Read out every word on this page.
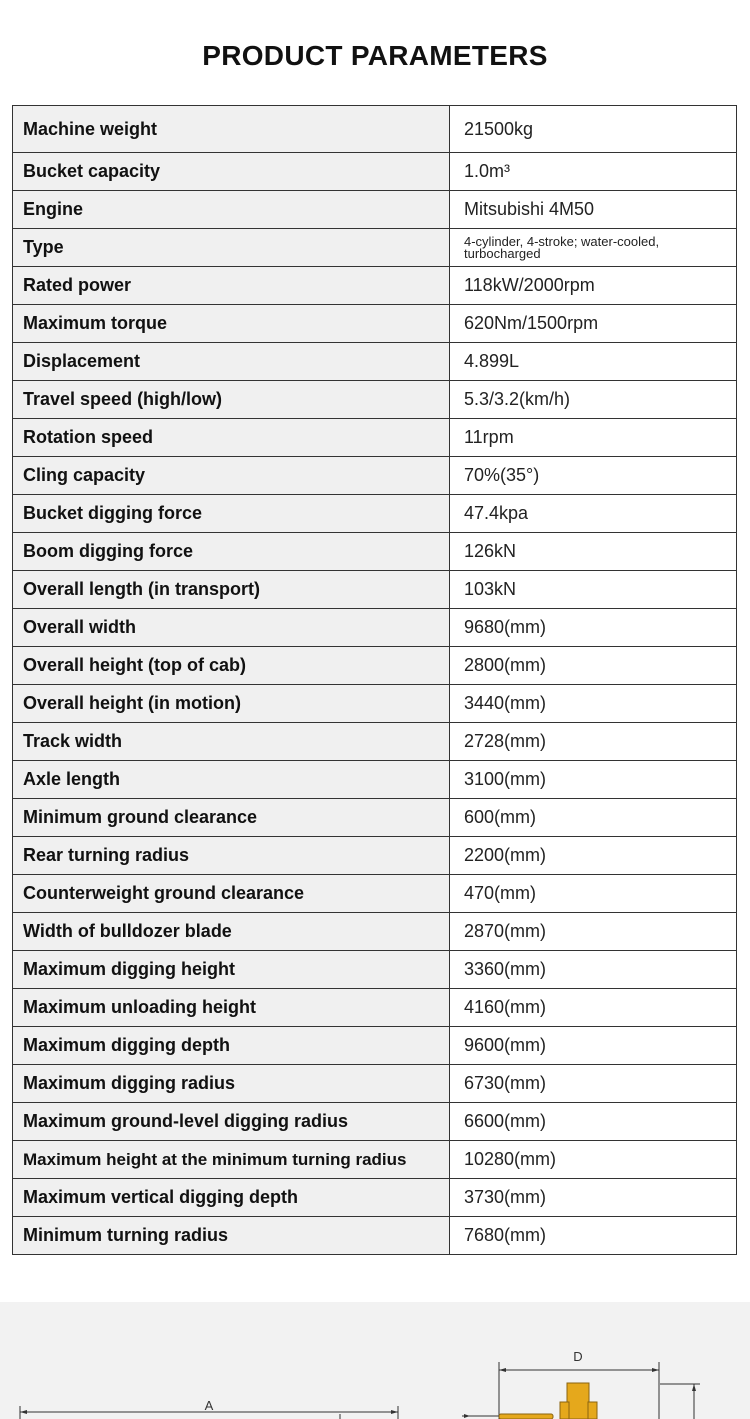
PRODUCT PARAMETERS
Machine weight	21500kg
Bucket capacity	1.0m³
Engine	Mitsubishi 4M50
Type	4-cylinder, 4-stroke; water-cooled, turbocharged
Rated power	118kW/2000rpm
Maximum torque	620Nm/1500rpm
Displacement	4.899L
Travel speed (high/low)	5.3/3.2(km/h)
Rotation speed	11rpm
Cling capacity	70%(35°)
Bucket digging force	47.4kpa
Boom digging force	126kN
Overall length (in transport)	103kN
Overall width	9680(mm)
Overall height (top of cab)	2800(mm)
Overall height (in motion)	3440(mm)
Track width	2728(mm)
Axle length	3100(mm)
Minimum ground clearance	600(mm)
Rear turning radius	2200(mm)
Counterweight ground clearance	470(mm)
Width of bulldozer blade	2870(mm)
Maximum digging height	3360(mm)
Maximum unloading height	4160(mm)
Maximum digging depth	9600(mm)
Maximum digging radius	6730(mm)
Maximum ground-level digging radius	6600(mm)
Maximum height at the minimum turning radius	10280(mm)
Maximum vertical digging depth	3730(mm)
Minimum turning radius	7680(mm)
A
D
